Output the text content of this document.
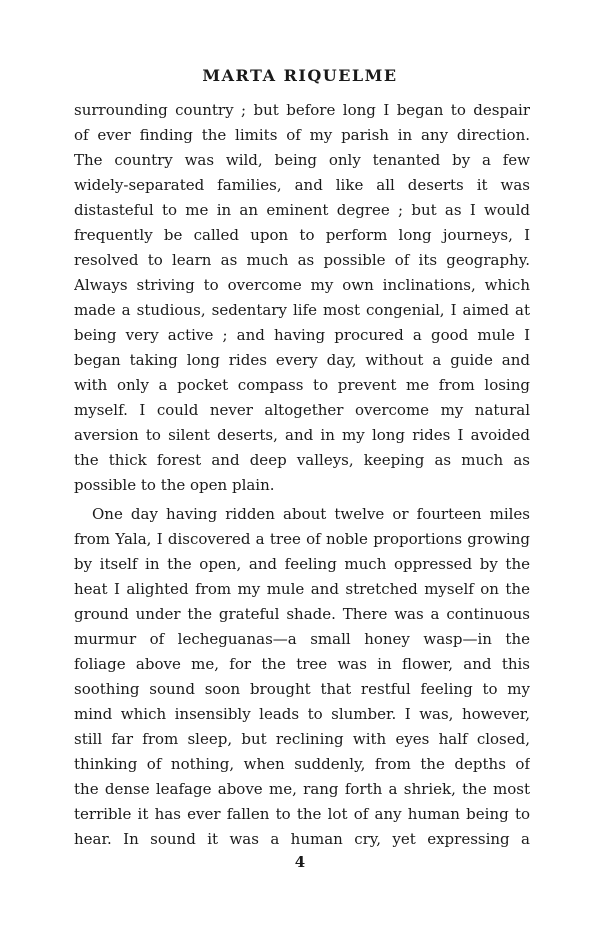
MARTA RIQUELME
surrounding country ; but before long I began to despair
of ever finding the limits of my parish in any direction.
The country was wild, being only tenanted by a few
widely-separated families, and like all deserts it was
distasteful to me in an eminent degree ; but as I would
frequently be called upon to perform long journeys, I
resolved to learn as much as possible of its geography.
Always striving to overcome my own inclinations, which
made a studious, sedentary life most congenial, I aimed at
being very active ; and having procured a good mule I
began taking long rides every day, without a guide and
with only a pocket compass to prevent me from losing
myself. I could never altogether overcome my natural
aversion to silent deserts, and in my long rides I avoided
the thick forest and deep valleys, keeping as much as
possible to the open plain.
One day having ridden about twelve or fourteen miles
from Yala, I discovered a tree of noble proportions growing
by itself in the open, and feeling much oppressed by the
heat I alighted from my mule and stretched myself on the
ground under the grateful shade. There was a continuous
murmur of lecheguanas—a small honey wasp—in the
foliage above me, for the tree was in flower, and this
soothing sound soon brought that restful feeling to my
mind which insensibly leads to slumber. I was, however,
still far from sleep, but reclining with eyes half closed,
thinking of nothing, when suddenly, from the depths of
the dense leafage above me, rang forth a shriek, the most
terrible it has ever fallen to the lot of any human being to
hear. In sound it was a human cry, yet expressing a
4
